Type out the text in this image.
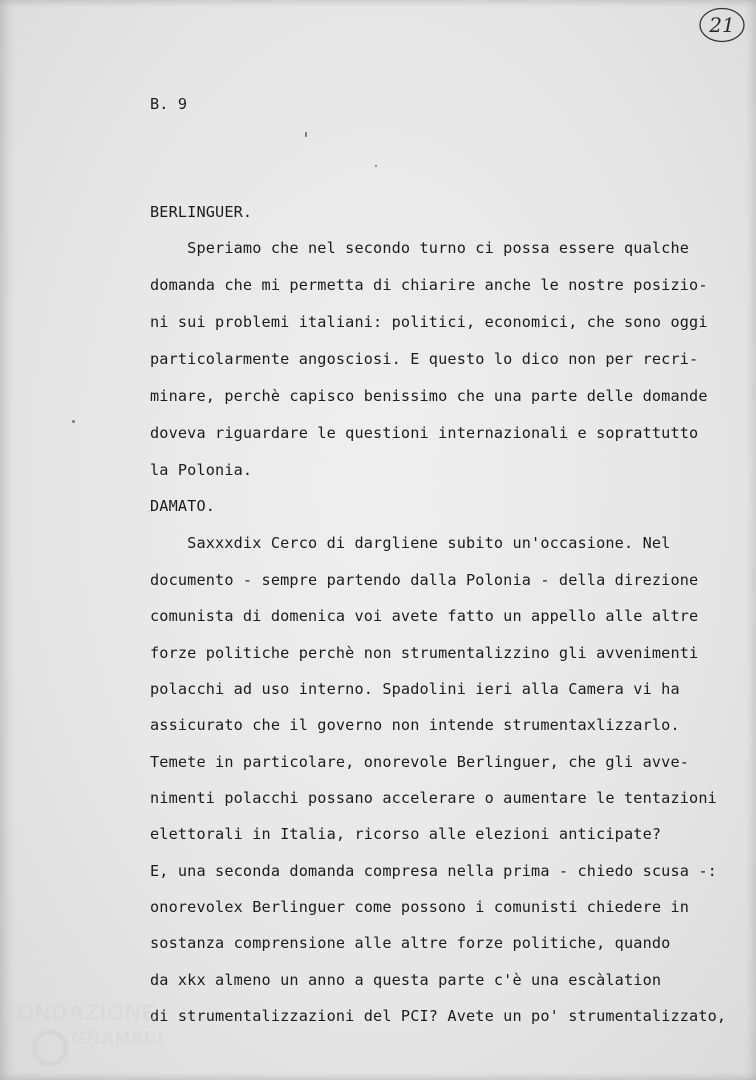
21
B. 9
BERLINGUER.
Speriamo che nel secondo turno ci possa essere qualche
domanda che mi permetta di chiarire anche le nostre posizio-
ni sui problemi italiani: politici, economici, che sono oggi
particolarmente angosciosi. E questo lo dico non per recri-
minare, perchè capisco benissimo che una parte delle domande
doveva riguardare le questioni internazionali e soprattutto
la Polonia.
DAMATO.
Saxxxdix Cerco di dargliene subito un'occasione. Nel
documento - sempre partendo dalla Polonia - della direzione
comunista di domenica voi avete fatto un appello alle altre
forze politiche perchè non strumentalizzino gli avvenimenti
polacchi ad uso interno. Spadolini ieri alla Camera vi ha
assicurato che il governo non intende strumentaxlizzarlo.
Temete in particolare, onorevole Berlinguer, che gli avve-
nimenti polacchi possano accelerare o aumentare le tentazioni
elettorali in Italia, ricorso alle elezioni anticipate?
E, una seconda domanda compresa nella prima - chiedo scusa -:
onorevolex Berlinguer come possono i comunisti chiedere in
sostanza comprensione alle altre forze politiche, quando
da xkx almeno un anno a questa parte c'è una escàlation
di strumentalizzazioni del PCI? Avete un po' strumentalizzato,
FONDAZIONE
GRAMSCI
